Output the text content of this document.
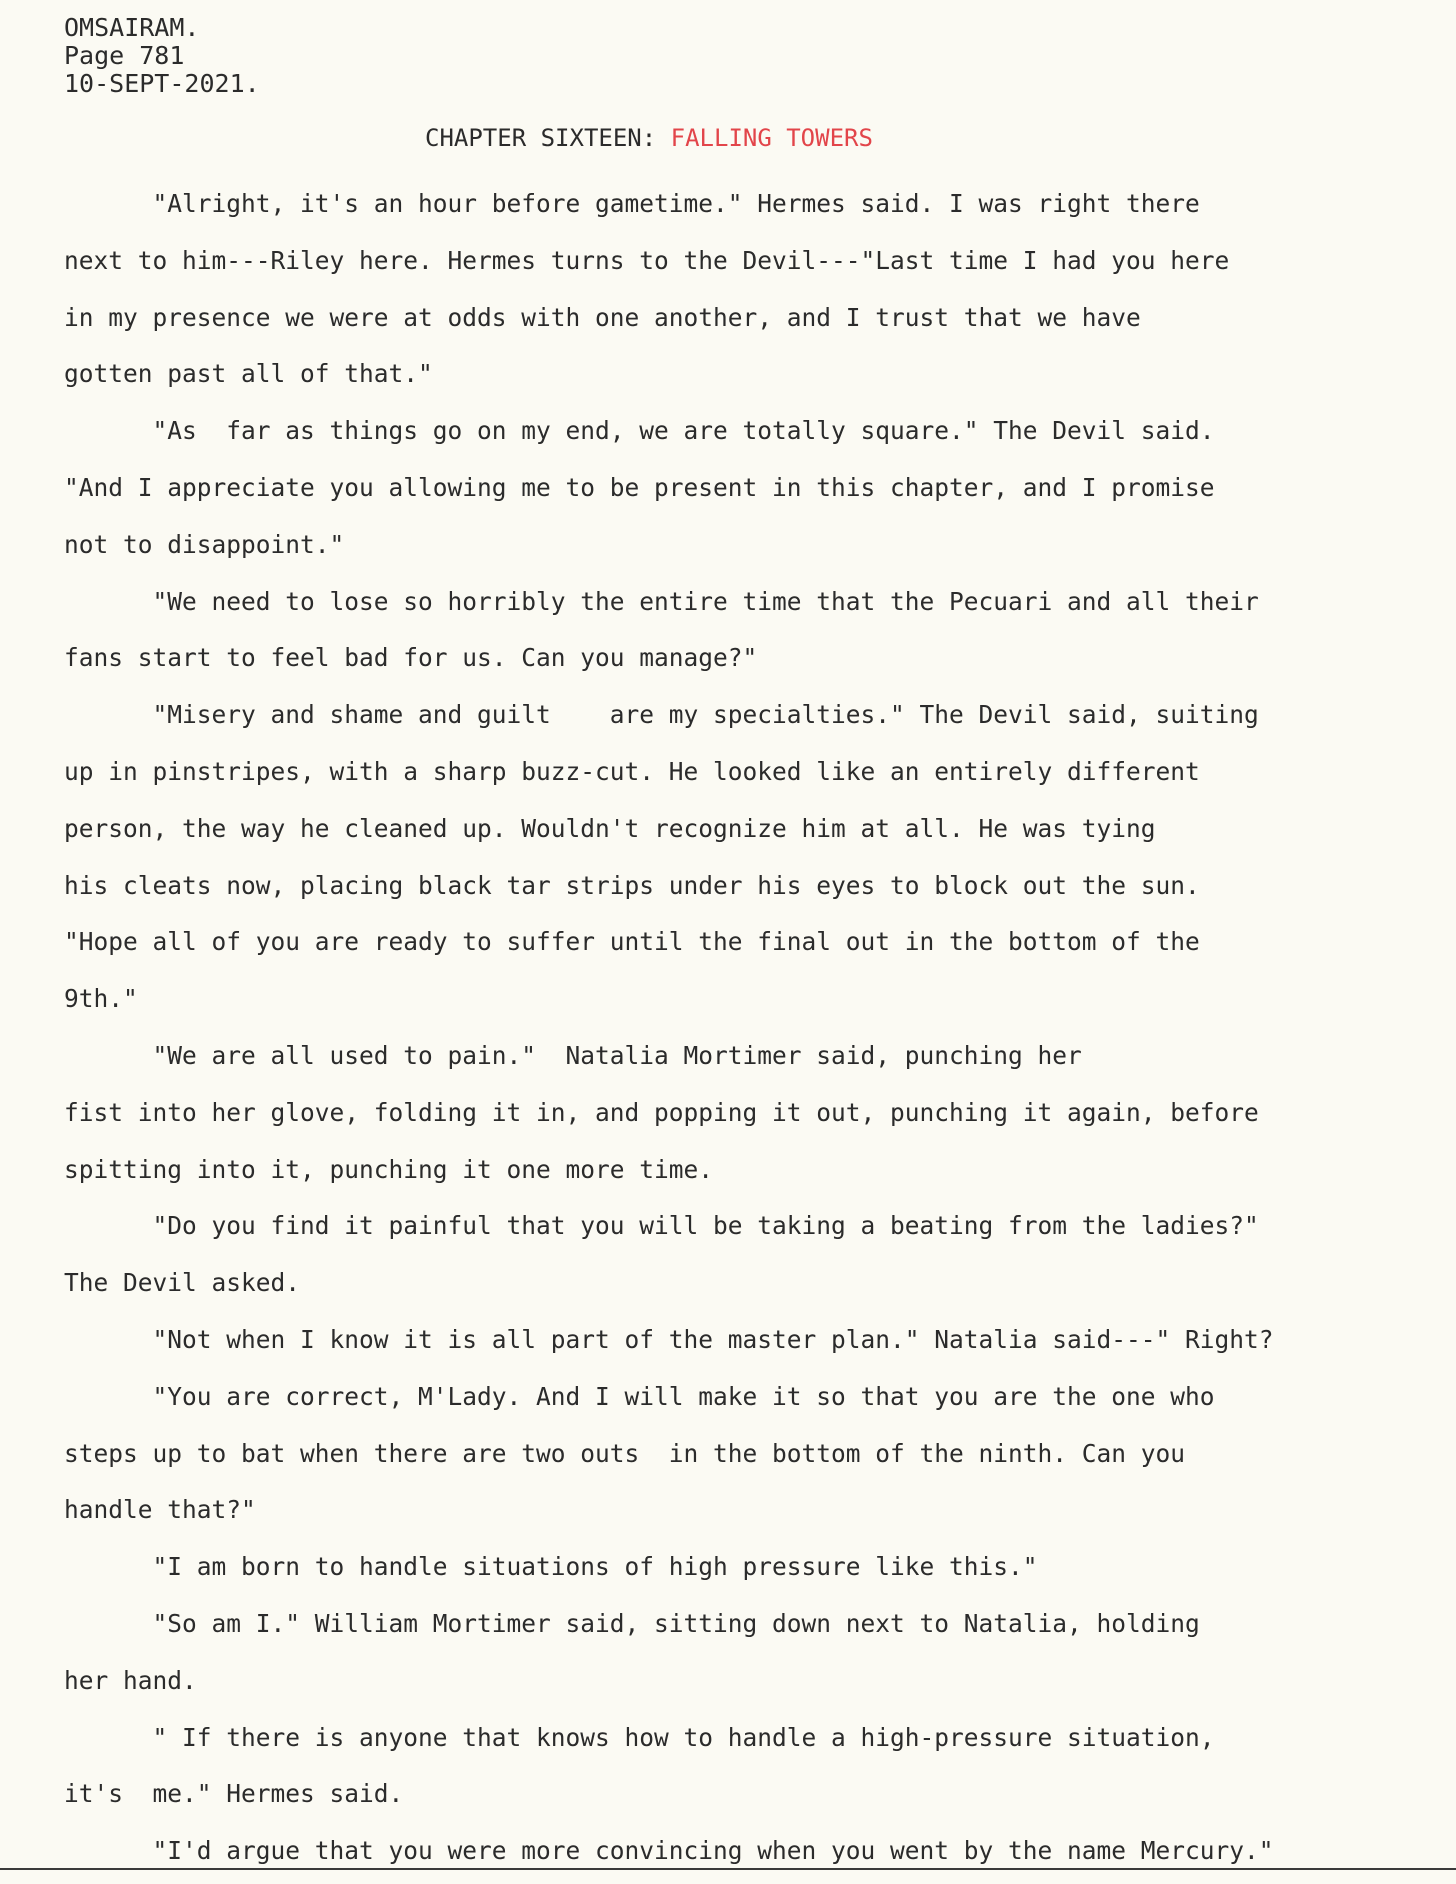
OMSAIRAM.
Page 781
10-SEPT-2021.
CHAPTER SIXTEEN: FALLING TOWERS
"Alright, it's an hour before gametime." Hermes said. I was right there
next to him---Riley here. Hermes turns to the Devil---"Last time I had you here
in my presence we were at odds with one another, and I trust that we have
gotten past all of that."
"As  far as things go on my end, we are totally square." The Devil said.
"And I appreciate you allowing me to be present in this chapter, and I promise
not to disappoint."
"We need to lose so horribly the entire time that the Pecuari and all their
fans start to feel bad for us. Can you manage?"
"Misery and shame and guilt    are my specialties." The Devil said, suiting
up in pinstripes, with a sharp buzz-cut. He looked like an entirely different
person, the way he cleaned up. Wouldn't recognize him at all. He was tying
his cleats now, placing black tar strips under his eyes to block out the sun.
"Hope all of you are ready to suffer until the final out in the bottom of the
9th."
"We are all used to pain."  Natalia Mortimer said, punching her
fist into her glove, folding it in, and popping it out, punching it again, before
spitting into it, punching it one more time.
"Do you find it painful that you will be taking a beating from the ladies?"
The Devil asked.
"Not when I know it is all part of the master plan." Natalia said---" Right?
"You are correct, M'Lady. And I will make it so that you are the one who
steps up to bat when there are two outs  in the bottom of the ninth. Can you
handle that?"
"I am born to handle situations of high pressure like this."
"So am I." William Mortimer said, sitting down next to Natalia, holding
her hand.
" If there is anyone that knows how to handle a high-pressure situation,
it's  me." Hermes said.
"I'd argue that you were more convincing when you went by the name Mercury."
